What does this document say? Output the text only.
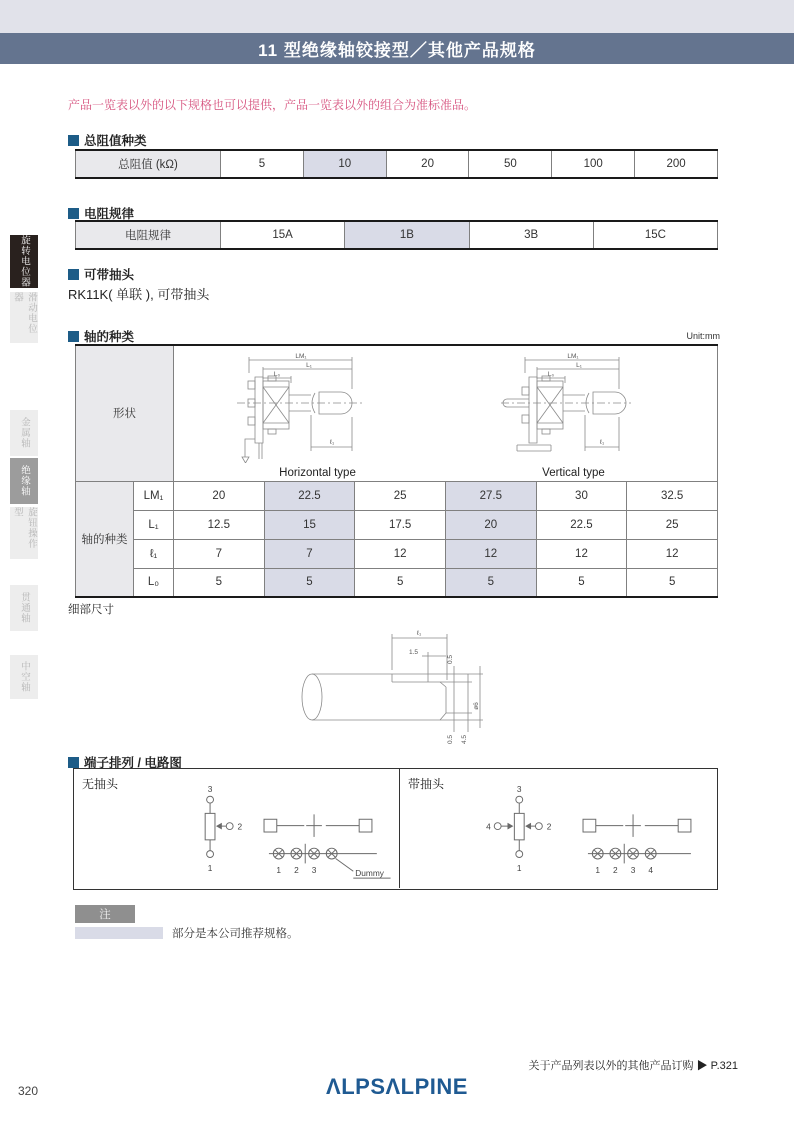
11 型绝缘轴铰接型／其他产品规格
旋转电位器
滑动电位器
金属轴
绝缘轴
旋钮操作型
贯通轴
中空轴
产品一览表以外的以下规格也可以提供，产品一览表以外的组合为准标准品。
总阻值种类
总阻值 (kΩ)	5	10	20	50	100	200
电阻规律
电阻规律	15A	1B	3B	15C
可带抽头
RK11K( 单联 ), 可带抽头
轴的种类	Unit:mm
形状	
LM₁
L₁
L₀
ℓ₁
Horizontal type
LM₁
L₁
L₀
ℓ₁
Vertical type

轴的种类	LM₁	20	22.5	25	27.5	30	32.5
	L₁	12.5	15	17.5	20	22.5	25
	ℓ₁	7	7	12	12	12	12
	L₀	5	5	5	5	5	5
细部尺寸
ℓ₁
1.5
0.5
0.5 4.5
ø6
端子排列 / 电路图
无抽头	带抽头
3
1
2
1 2 3	Dummy
3
1
2
4
1 2 3 4
注
部分是本公司推荐规格。
关于产品列表以外的其他产品订购 ▶ P.321
ΛLPSΛLPINE
320
